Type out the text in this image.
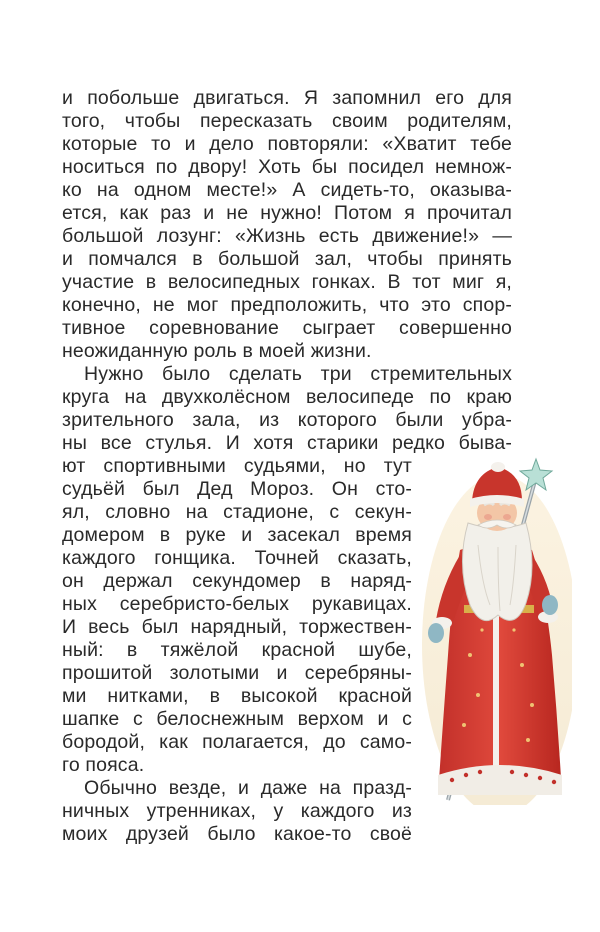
и побольше двигаться. Я запомнил его для
того, чтобы пересказать своим родителям,
которые то и дело повторяли: «Хватит тебе
носиться по двору! Хоть бы посидел немнож-
ко на одном месте!» А сидеть-то, оказыва-
ется, как раз и не нужно! Потом я прочитал
большой лозунг: «Жизнь есть движение!» —
и помчался в большой зал, чтобы принять
участие в велосипедных гонках. В тот миг я,
конечно, не мог предположить, что это спор-
тивное соревнование сыграет совершенно
неожиданную роль в моей жизни.
Нужно было сделать три стремительных
круга на двухколёсном велосипеде по краю
зрительного зала, из которого были убра-
ны все стулья. И хотя старики редко быва-
ют спортивными судьями, но тут
судьёй был Дед Мороз. Он сто-
ял, словно на стадионе, с секун-
домером в руке и засекал время
каждого гонщика. Точней сказать,
он держал секундомер в наряд-
ных серебристо-белых рукавицах.
И весь был нарядный, торжествен-
ный: в тяжёлой красной шубе,
прошитой золотыми и серебряны-
ми нитками, в высокой красной
шапке с белоснежным верхом и с
бородой, как полагается, до само-
го пояса.
Обычно везде, и даже на празд-
ничных утренниках, у каждого из
моих друзей было какое-то своё
